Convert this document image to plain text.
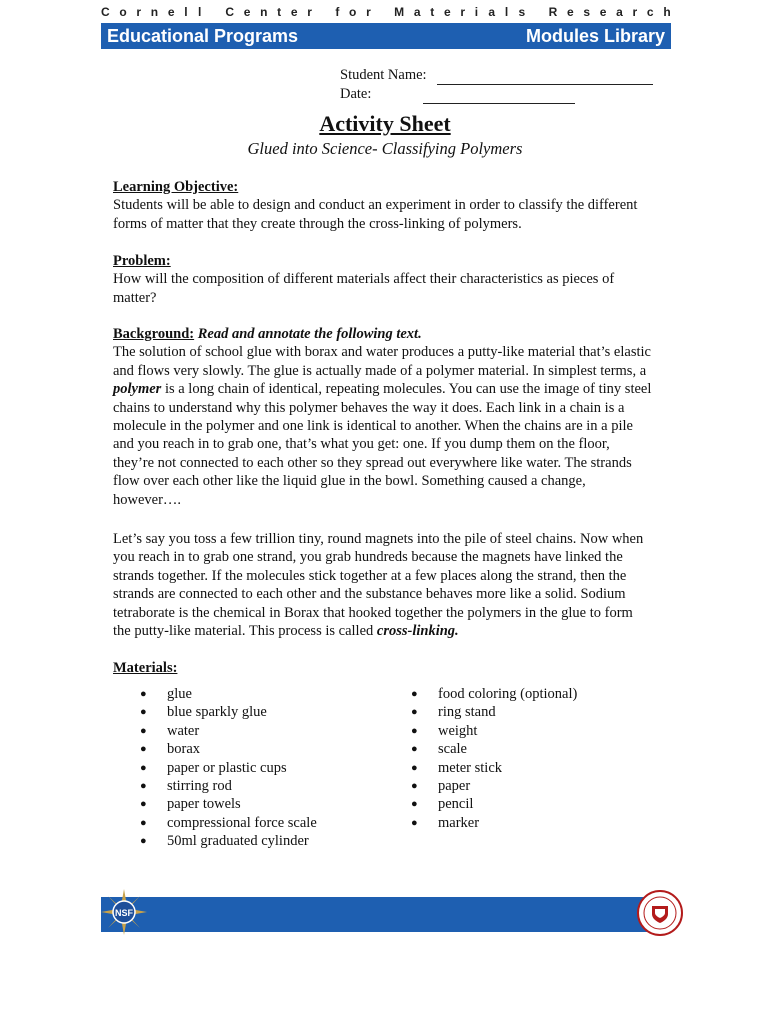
C o r n e l l C e n t e r f o r M a t e r i a l s R e s e a r c h
Educational Programs	Modules Library
Student Name:
Date:
Activity Sheet
Glued into Science- Classifying Polymers

Learning Objective:

Students will be able to design and conduct an experiment in order to classify the different forms of matter that they create through the cross-linking of polymers.

Problem:

How will the composition of different materials affect their characteristics as pieces of matter?

Background: Read and annotate the following text.

The solution of school glue with borax and water produces a putty-like material that’s elastic and flows very slowly. The glue is actually made of a polymer material. In simplest terms, a polymer is a long chain of identical, repeating molecules. You can use the image of tiny steel chains to understand why this polymer behaves the way it does. Each link in a chain is a molecule in the polymer and one link is identical to another. When the chains are in a pile and you reach in to grab one, that’s what you get: one. If you dump them on the floor, they’re not connected to each other so they spread out everywhere like water. The strands flow over each other like the liquid glue in the bowl. Something caused a change, however….

Let’s say you toss a few trillion tiny, round magnets into the pile of steel chains. Now when you reach in to grab one strand, you grab hundreds because the magnets have linked the strands together. If the molecules stick together at a few places along the strand, then the strands are connected to each other and the substance behaves more like a solid. Sodium tetraborate is the chemical in Borax that hooked together the polymers in the glue to form the putty-like material. This process is called cross-linking.

Materials:

● glue
● blue sparkly glue
● water
● borax
● paper or plastic cups
● stirring rod
● paper towels
● compressional force scale
● 50ml graduated cylinder
● food coloring (optional)
● ring stand
● weight
● scale
● meter stick
● paper
● pencil
● marker
NSF
